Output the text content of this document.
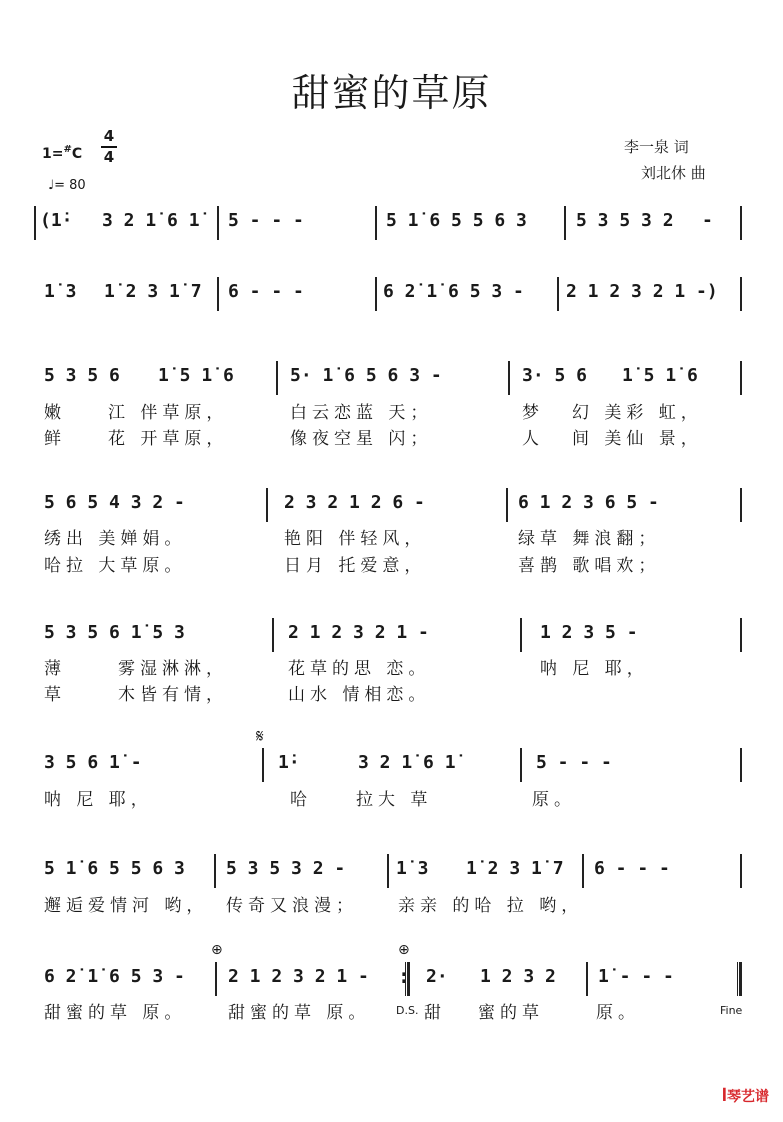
甜蜜的草原
1=#C
4
4
♩= 80
李一泉 词
刘北休 曲
(1̇· 3 2 1̇ 6 1̇ 5 - - -	5 1̇ 6 5 5 6 3	5 3 5 3 2 -
1̇ 3 1̇ 2 3 1̇ 7 6 - - -	6 2̇ 1̇ 6 5 3 - 2 1 2 3 2 1 -)
5 3 5 6 1̇ 5 1̇ 6	5· 1̇ 6 5 6 3 -	3· 5 6 1̇ 5 1̇ 6
嫩 江 伴草原，	白云恋蓝 天；	梦 幻 美彩 虹，
鲜 花 开草原，	像夜空星 闪；	人 间 美仙 景，
5 6 5 4 3 2 -	2 3 2 1 2 6 -	6 1 2 3 6 5 -
绣出 美婵娟。	艳阳 伴轻风，	绿草 舞浪翻；
哈拉 大草原。	日月 托爱意，	喜鹊 歌唱欢；
5 3 5 6 1̇ 5 3	2 1 2 3 2 1 -	1 2 3 5 -
薄	雾湿淋淋，	花草的思 恋。	呐 尼 耶，
草	木皆有情，	山水 情相恋。
𝄋
3 5 6 1̇ -	1̇·	3 2 1̇ 6 1̇	5 - - -
呐 尼 耶，	哈	拉大 草	原。
5 1̇ 6 5 5 6 3 5 3 5 3 2 -	1̇ 3 1̇ 2 3 1̇ 7 6 - - -
邂逅爱情河 哟， 传奇又浪漫； 亲亲 的哈 拉 哟，
⊕	⊕
6 2̇ 1̇ 6 5 3 - 2 1 2 3 2 1 - : 2· 1 2 3 2 1̇ - - -
甜蜜的草 原。 甜蜜的草 原。 D.S. 甜 蜜的草	原。	Fine
ꟾ琴艺谱
